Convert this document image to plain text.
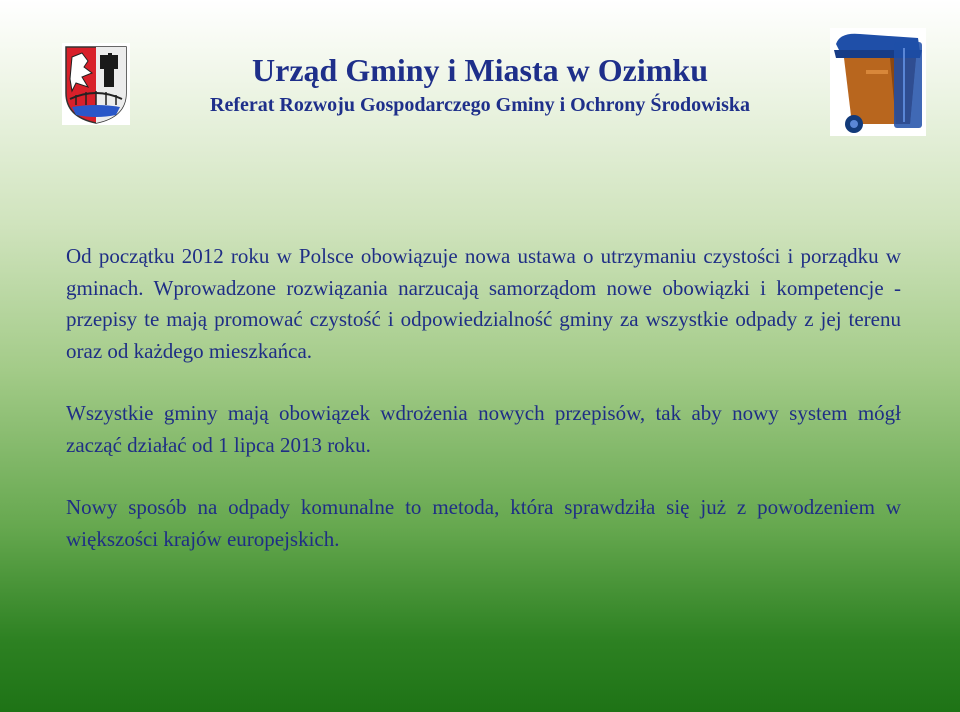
Urząd Gminy i Miasta w Ozimku
Referat Rozwoju Gospodarczego Gminy i Ochrony Środowiska

Od początku 2012 roku w Polsce obowiązuje nowa ustawa o utrzymaniu czystości i porządku w gminach. Wprowadzone rozwiązania narzucają samorządom nowe obowiązki i kompetencje - przepisy te mają promować czystość i odpowiedzialność gminy za wszystkie odpady z jej terenu oraz od każdego mieszkańca.

Wszystkie gminy mają obowiązek wdrożenia nowych przepisów, tak aby nowy system mógł zacząć działać od 1 lipca 2013 roku.

Nowy sposób na odpady komunalne to metoda, która sprawdziła się już z powodzeniem w większości krajów europejskich.
